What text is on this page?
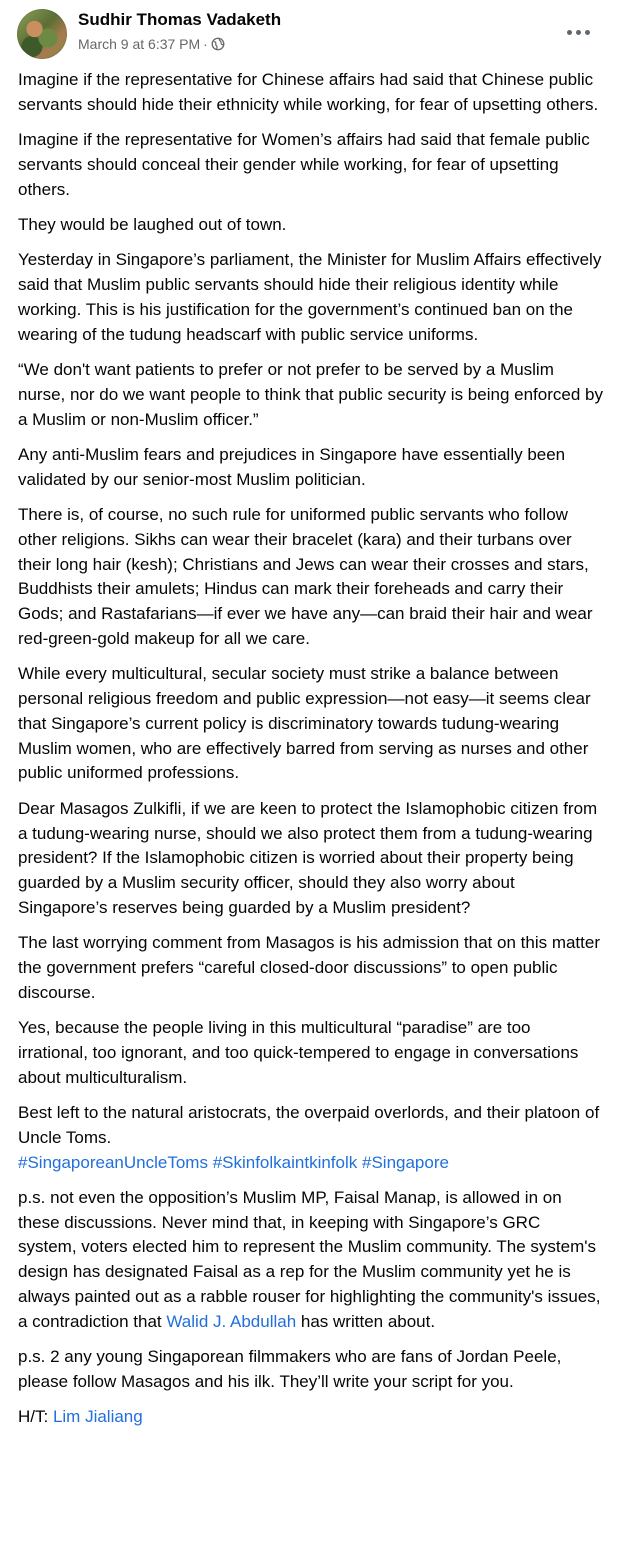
Sudhir Thomas Vadaketh
March 9 at 6:37 PM ·

Imagine if the representative for Chinese affairs had said that Chinese public servants should hide their ethnicity while working, for fear of upsetting others.

Imagine if the representative for Women’s affairs had said that female public servants should conceal their gender while working, for fear of upsetting others.

They would be laughed out of town.

Yesterday in Singapore’s parliament, the Minister for Muslim Affairs effectively said that Muslim public servants should hide their religious identity while working. This is his justification for the government’s continued ban on the wearing of the tudung headscarf with public service uniforms.

“We don't want patients to prefer or not prefer to be served by a Muslim nurse, nor do we want people to think that public security is being enforced by a Muslim or non-Muslim officer.”

Any anti-Muslim fears and prejudices in Singapore have essentially been validated by our senior-most Muslim politician.

There is, of course, no such rule for uniformed public servants who follow other religions. Sikhs can wear their bracelet (kara) and their turbans over their long hair (kesh); Christians and Jews can wear their crosses and stars, Buddhists their amulets; Hindus can mark their foreheads and carry their Gods; and Rastafarians—if ever we have any—can braid their hair and wear red-green-gold makeup for all we care.

While every multicultural, secular society must strike a balance between personal religious freedom and public expression—not easy—it seems clear that Singapore’s current policy is discriminatory towards tudung-wearing Muslim women, who are effectively barred from serving as nurses and other public uniformed professions.

Dear Masagos Zulkifli, if we are keen to protect the Islamophobic citizen from a tudung-wearing nurse, should we also protect them from a tudung-wearing president? If the Islamophobic citizen is worried about their property being guarded by a Muslim security officer, should they also worry about Singapore’s reserves being guarded by a Muslim president?

The last worrying comment from Masagos is his admission that on this matter the government prefers “careful closed-door discussions” to open public discourse.

Yes, because the people living in this multicultural “paradise” are too irrational, too ignorant, and too quick-tempered to engage in conversations about multiculturalism.

Best left to the natural aristocrats, the overpaid overlords, and their platoon of Uncle Toms.
#SingaporeanUncleToms #Skinfolkaintkinfolk #Singapore

p.s. not even the opposition’s Muslim MP, Faisal Manap, is allowed in on these discussions. Never mind that, in keeping with Singapore’s GRC system, voters elected him to represent the Muslim community. The system's design has designated Faisal as a rep for the Muslim community yet he is always painted out as a rabble rouser for highlighting the community's issues, a contradiction that Walid J. Abdullah has written about.

p.s. 2 any young Singaporean filmmakers who are fans of Jordan Peele, please follow Masagos and his ilk. They’ll write your script for you.

H/T: Lim Jialiang
